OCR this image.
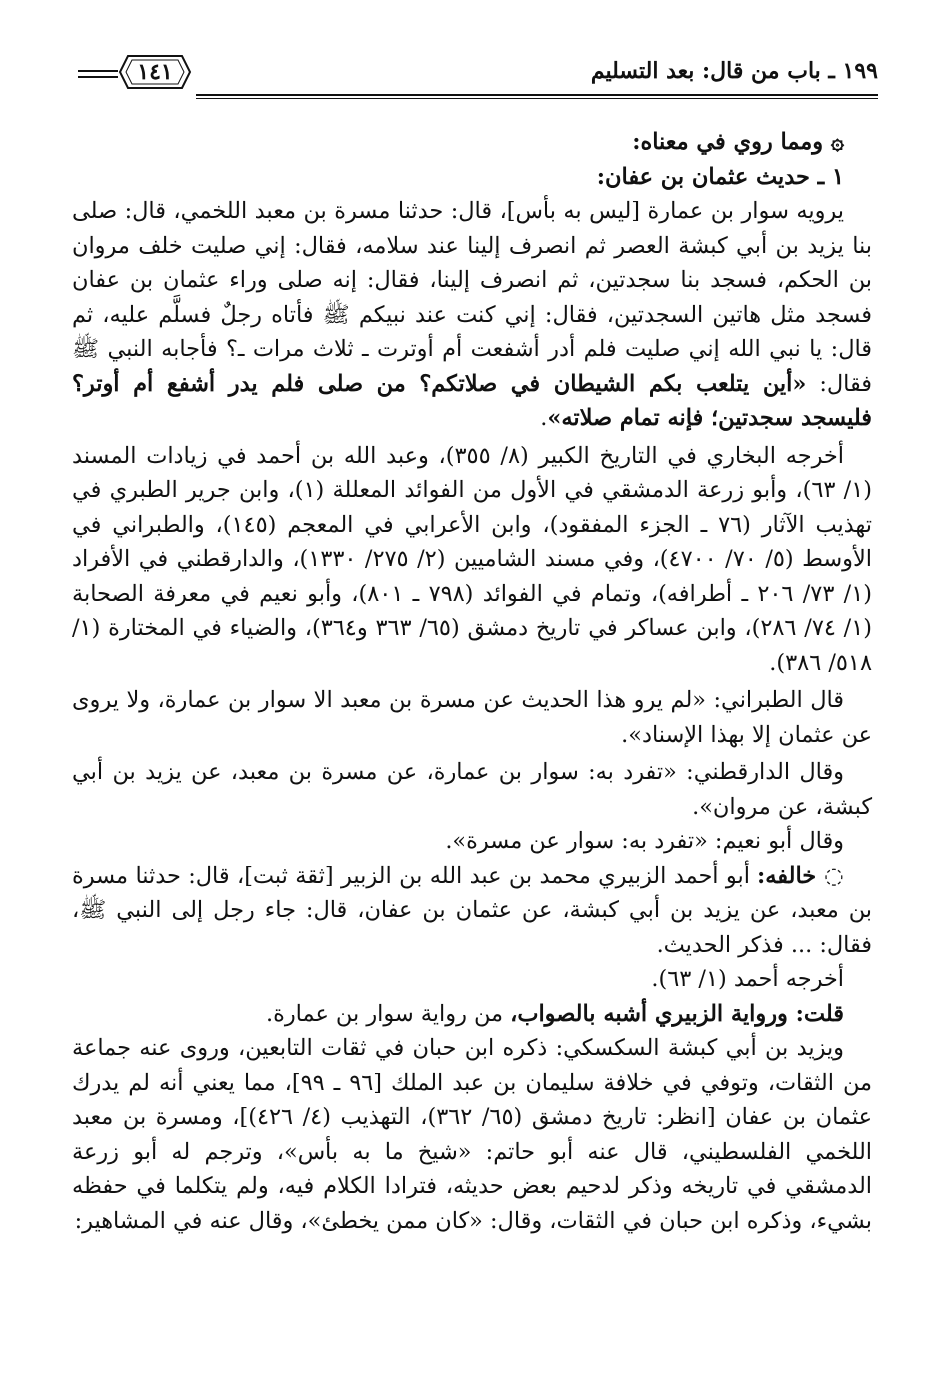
١٩٩ ـ باب من قال: بعد التسليم
١٤١

۞ ومما روي في معناه:

١ ـ حديث عثمان بن عفان:

يرويه سوار بن عمارة [ليس به بأس]، قال: حدثنا مسرة بن معبد اللخمي، قال: صلى بنا يزيد بن أبي كبشة العصر ثم انصرف إلينا عند سلامه، فقال: إني صليت خلف مروان بن الحكم، فسجد بنا سجدتين، ثم انصرف إلينا، فقال: إنه صلى وراء عثمان بن عفان فسجد مثل هاتين السجدتين، فقال: إني كنت عند نبيكم ﷺ فأتاه رجلٌ فسلَّم عليه، ثم قال: يا نبي الله إني صليت فلم أدر أشفعت أم أوترت ـ ثلاث مرات ـ؟ فأجابه النبي ﷺ فقال: «أين يتلعب بكم الشيطان في صلاتكم؟ من صلى فلم يدر أشفع أم أوتر؟ فليسجد سجدتين؛ فإنه تمام صلاته».

أخرجه البخاري في التاريخ الكبير (٨/ ٣٥٥)، وعبد الله بن أحمد في زيادات المسند (١/ ٦٣)، وأبو زرعة الدمشقي في الأول من الفوائد المعللة (١)، وابن جرير الطبري في تهذيب الآثار (٧٦ ـ الجزء المفقود)، وابن الأعرابي في المعجم (١٤٥)، والطبراني في الأوسط (٥/ ٧٠/ ٤٧٠٠)، وفي مسند الشاميين (٢/ ٢٧٥/ ١٣٣٠)، والدارقطني في الأفراد (١/ ٧٣/ ٢٠٦ ـ أطرافه)، وتمام في الفوائد (٧٩٨ ـ ٨٠١)، وأبو نعيم في معرفة الصحابة (١/ ٧٤/ ٢٨٦)، وابن عساكر في تاريخ دمشق (٦٥/ ٣٦٣ و٣٦٤)، والضياء في المختارة (١/ ٥١٨/ ٣٨٦).

قال الطبراني: «لم يرو هذا الحديث عن مسرة بن معبد الا سوار بن عمارة، ولا يروى عن عثمان إلا بهذا الإسناد».

وقال الدارقطني: «تفرد به: سوار بن عمارة، عن مسرة بن معبد، عن يزيد بن أبي كبشة، عن مروان».

وقال أبو نعيم: «تفرد به: سوار عن مسرة».

◌ خالفه: أبو أحمد الزبيري محمد بن عبد الله بن الزبير [ثقة ثبت]، قال: حدثنا مسرة بن معبد، عن يزيد بن أبي كبشة، عن عثمان بن عفان، قال: جاء رجل إلى النبي ﷺ، فقال: ... فذكر الحديث.

أخرجه أحمد (١/ ٦٣).

قلت: ورواية الزبيري أشبه بالصواب، من رواية سوار بن عمارة.

ويزيد بن أبي كبشة السكسكي: ذكره ابن حبان في ثقات التابعين، وروى عنه جماعة من الثقات، وتوفي في خلافة سليمان بن عبد الملك [٩٦ ـ ٩٩]، مما يعني أنه لم يدرك عثمان بن عفان [انظر: تاريخ دمشق (٦٥/ ٣٦٢)، التهذيب (٤/ ٤٢٦)]، ومسرة بن معبد اللخمي الفلسطيني، قال عنه أبو حاتم: «شيخ ما به بأس»، وترجم له أبو زرعة الدمشقي في تاريخه وذكر لدحيم بعض حديثه، فترادا الكلام فيه، ولم يتكلما في حفظه بشيء، وذكره ابن حبان في الثقات، وقال: «كان ممن يخطئ»، وقال عنه في المشاهير:
